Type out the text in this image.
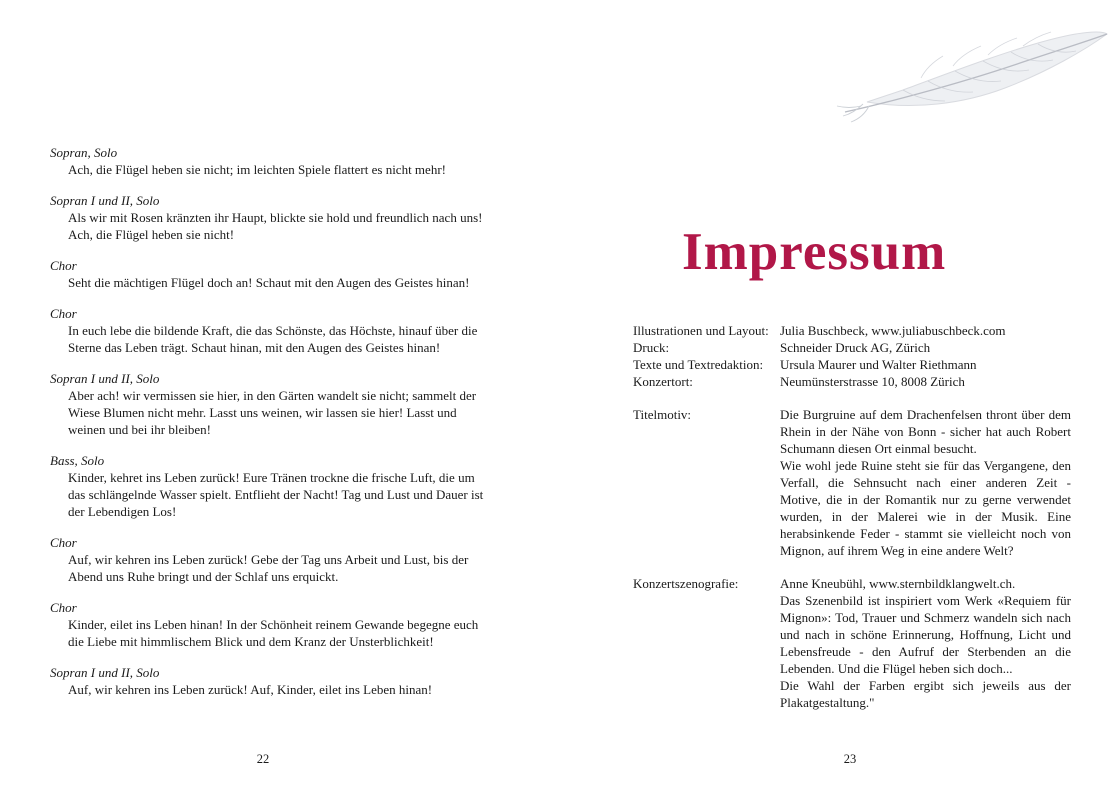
Sopran, Solo
Ach, die Flügel heben sie nicht; im leichten Spiele flattert es nicht mehr!
Sopran I und II, Solo
Als wir mit Rosen kränzten ihr Haupt, blickte sie hold und freundlich nach uns!
Ach, die Flügel heben sie nicht!
Chor
Seht die mächtigen Flügel doch an! Schaut mit den Augen des Geistes hinan!
Chor
In euch lebe die bildende Kraft, die das Schönste, das Höchste, hinauf über die
Sterne das Leben trägt. Schaut hinan, mit den Augen des Geistes hinan!
Sopran I und II, Solo
Aber ach! wir vermissen sie hier, in den Gärten wandelt sie nicht; sammelt der
Wiese Blumen nicht mehr. Lasst uns weinen, wir lassen sie hier! Lasst und
weinen und bei ihr bleiben!
Bass, Solo
Kinder, kehret ins Leben zurück! Eure Tränen trockne die frische Luft, die um
das schlängelnde Wasser spielt. Entflieht der Nacht! Tag und Lust und Dauer ist
der Lebendigen Los!
Chor
Auf, wir kehren ins Leben zurück! Gebe der Tag uns Arbeit und Lust, bis der
Abend uns Ruhe bringt und der Schlaf uns erquickt.
Chor
Kinder, eilet ins Leben hinan! In der Schönheit reinem Gewande begegne euch
die Liebe mit himmlischem Blick und dem Kranz der Unsterblichkeit!
Sopran I und II, Solo
Auf, wir kehren ins Leben zurück! Auf, Kinder, eilet ins Leben hinan!
Impressum
Illustrationen und Layout: Julia Buschbeck, www.juliabuschbeck.com
Druck:	Schneider Druck AG, Zürich
Texte und Textredaktion:	Ursula Maurer und Walter Riethmann
Konzertort:	Neumünsterstrasse 10, 8008 Zürich
Titelmotiv:	Die Burgruine auf dem Drachenfelsen thront über dem Rhein in der Nähe von Bonn - sicher hat auch Robert Schumann diesen Ort einmal besucht.

Wie wohl jede Ruine steht sie für das Vergangene, den Verfall, die Sehnsucht nach einer anderen Zeit - Motive, die in der Romantik nur zu gerne verwendet wurden, in der Malerei wie in der Musik. Eine herabsinkende Feder - stammt sie vielleicht noch von Mignon, auf ihrem Weg in eine andere Welt?

Konzertszenografie:	Anne Kneubühl, www.sternbildklangwelt.ch.

Das Szenenbild ist inspiriert vom Werk «Requiem für Mignon»: Tod, Trauer und Schmerz wandeln sich nach und nach in schöne Erinnerung, Hoffnung, Licht und Lebensfreude - den Aufruf der Sterbenden an die Lebenden. Und die Flügel heben sich doch...

Die Wahl der Farben ergibt sich jeweils aus der Plakatgestaltung."

22	23
